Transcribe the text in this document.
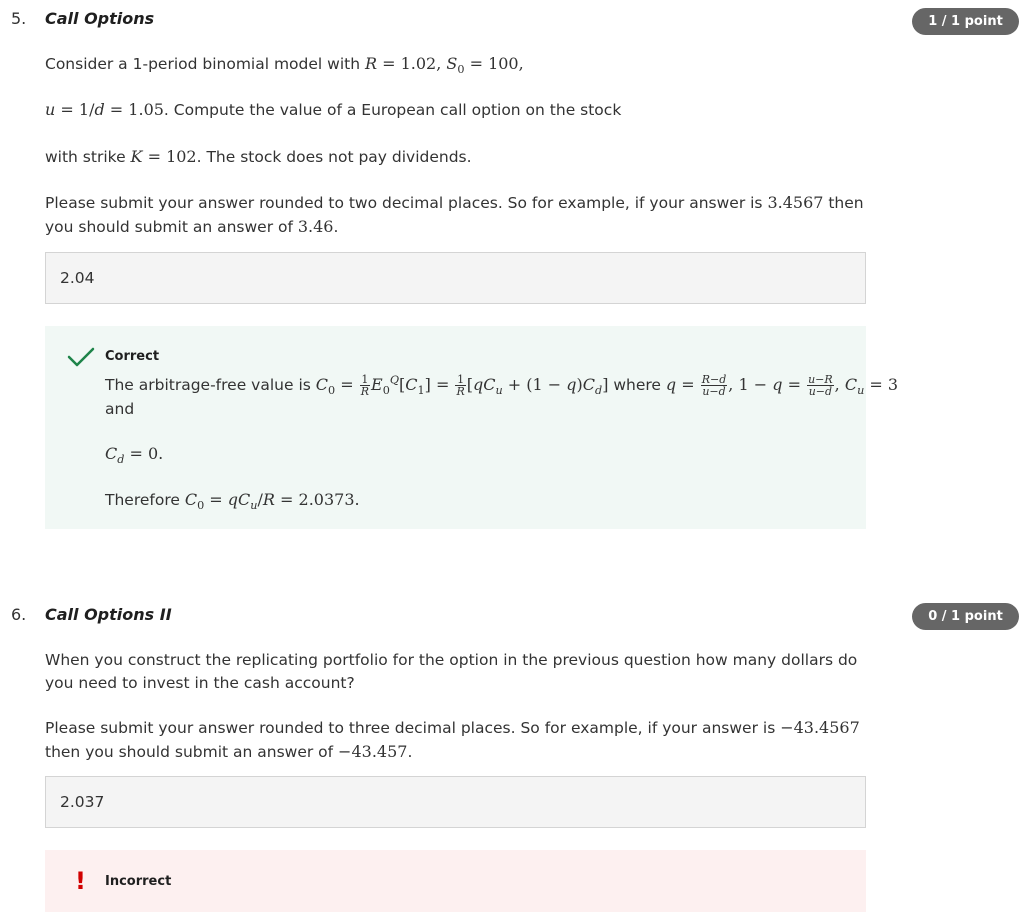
5. Call Options	1 / 1 point
Consider a 1-period binomial model with R = 1.02, $S_0 = 100$,
u = 1/d = 1.05. Compute the value of a European call option on the stock
with strike K = 102. The stock does not pay dividends.
Please submit your answer rounded to two decimal places. So for example, if your answer is 3.4567 then you should submit an answer of 3.46.
2.04
Correct
The arbitrage-free value is $C_0 = \frac{1}{R} E_0^Q[C_1] = \frac{1}{R} [qC_u + (1 - q)C_d]$ where $q = \frac{R-d}{u-d}$ , $1 - q = \frac{u-R}{u-d}$ , $C_u = 3$
and
$C_d = 0$.
Therefore $C_0 = qC_u/R = 2.0373$.
6. Call Options II	0 / 1 point
When you construct the replicating portfolio for the option in the previous question how many dollars do you need to invest in the cash account?
Please submit your answer rounded to three decimal places. So for example, if your answer is −43.4567 then you should submit an answer of −43.457.
2.037
! Incorrect
